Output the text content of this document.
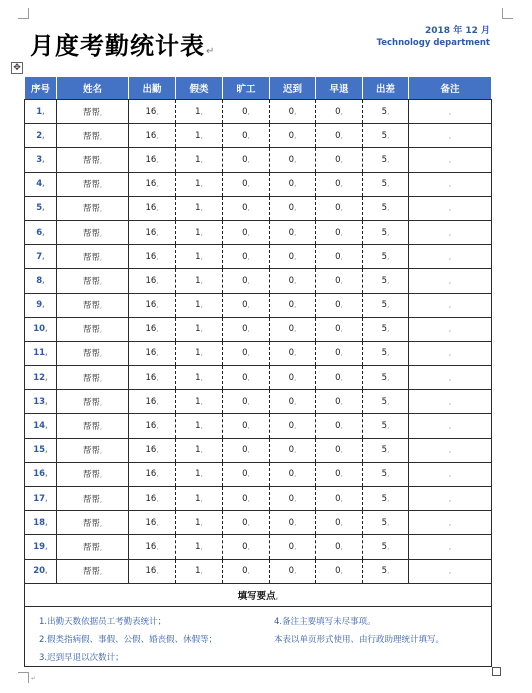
月度考勤统计表↵
2018 年 12 月
Technology department
✥
序号	姓名	出勤	假类	旷工	迟到	早退	出差	备注
1,	帮帮,	16,	1,	0,	0,	0,	5,	,
2,	帮帮,	16,	1,	0,	0,	0,	5,	,
3,	帮帮,	16,	1,	0,	0,	0,	5,	,
4,	帮帮,	16,	1,	0,	0,	0,	5,	,
5,	帮帮,	16,	1,	0,	0,	0,	5,	,
6,	帮帮,	16,	1,	0,	0,	0,	5,	,
7,	帮帮,	16,	1,	0,	0,	0,	5,	,
8,	帮帮,	16,	1,	0,	0,	0,	5,	,
9,	帮帮,	16,	1,	0,	0,	0,	5,	,
10,	帮帮,	16,	1,	0,	0,	0,	5,	,
11,	帮帮,	16,	1,	0,	0,	0,	5,	,
12,	帮帮,	16,	1,	0,	0,	0,	5,	,
13,	帮帮,	16,	1,	0,	0,	0,	5,	,
14,	帮帮,	16,	1,	0,	0,	0,	5,	,
15,	帮帮,	16,	1,	0,	0,	0,	5,	,
16,	帮帮,	16,	1,	0,	0,	0,	5,	,
17,	帮帮,	16,	1,	0,	0,	0,	5,	,
18,	帮帮,	16,	1,	0,	0,	0,	5,	,
19,	帮帮,	16,	1,	0,	0,	0,	5,	,
20,	帮帮,	16,	1,	0,	0,	0,	5,	,
填写要点,
1.出勤天数依据员工考勤表统计；
2.假类指病假、事假、公假、婚丧假、休假等；
3.迟到早退以次数计；
4.备注主要填写未尽事项。
本表以单页形式使用、由行政助理统计填写。
↵
